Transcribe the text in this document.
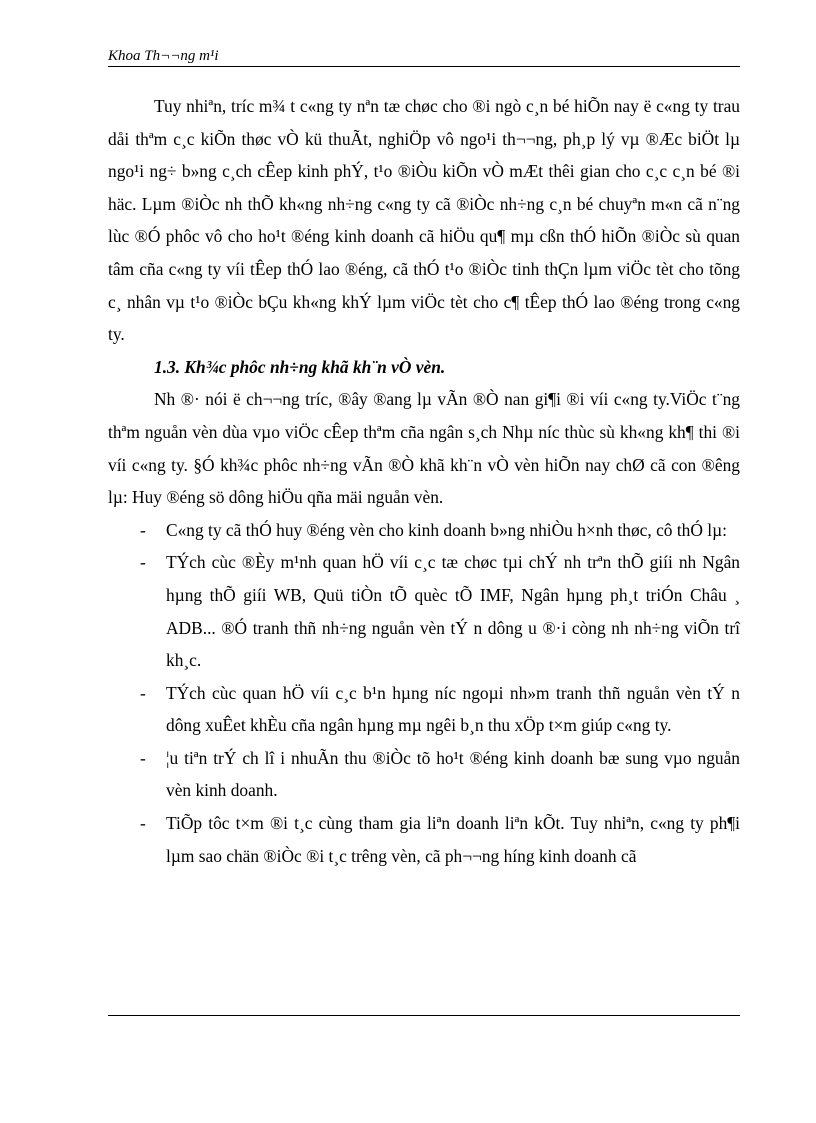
Khoa Th¬¬ng m¹i

Tuy nhiªn, tríc m¾ t c«ng ty nªn tæ chøc cho ®i ngò c¸n bé hiÕn nay ë c«ng ty trau dåi thªm c¸c kiÕn thøc vÒ kü thuÃt, nghiÖp vô ngo¹i th¬¬ng, ph¸p lý vµ ®Æc biÖt lµ ngo¹i ng÷ b»ng c¸ch cÊep kinh phÝ, t¹o ®iÒu kiÕn vÒ mÆt thêi gian cho c¸c c¸n bé ®i häc. Lµm ®iÒc nh thÕ kh«ng nh÷ng c«ng ty cã ®iÒc nh÷ng c¸n bé chuyªn m«n cã n¨ng lùc ®Ó phôc vô cho ho¹t ®éng kinh doanh cã hiÖu qu¶ mµ cßn thÓ hiÕn ®iÒc sù quan tâm cña c«ng ty víi tÊep thÓ lao ®éng, cã thÓ t¹o ®iÒc tinh thÇn lµm viÖc tèt cho tõng c¸ nhân vµ t¹o ®iÒc bÇu kh«ng khÝ lµm viÖc tèt cho c¶ tÊep thÓ lao ®éng trong c«ng ty.

1.3. Kh¾c phôc nh÷ng khã kh¨n vÒ vèn.

Nh ®· nói ë ch¬¬ng tríc, ®ây ®ang lµ vÃn ®Ò nan gi¶i ®i víi c«ng ty.ViÖc t¨ng thªm nguån vèn dùa vµo viÖc cÊep thªm cña ngân s¸ch Nhµ níc thùc sù kh«ng kh¶ thi ®i víi c«ng ty. §Ó kh¾c phôc nh÷ng vÃn ®Ò khã kh¨n vÒ vèn hiÕn nay chØ cã con ®êng lµ: Huy ®éng sö dông hiÖu qña mäi nguån vèn.

- C«ng ty cã thÓ huy ®éng vèn cho kinh doanh b»ng nhiÒu h×nh thøc, cô thÓ lµ:
- TÝch cùc ®Èy m¹nh quan hÖ víi c¸c tæ chøc tµi chÝ nh trªn thÕ giíi nh Ngân hµng thÕ giíi WB, Quü tiÒn tÕ quèc tÕ IMF, Ngân hµng ph¸t triÓn Châu ¸ ADB... ®Ó tranh thñ nh÷ng nguån vèn tÝ n dông u ®·i còng nh nh÷ng viÕn trî kh¸c.
- TÝch cùc quan hÖ víi c¸c b¹n hµng níc ngoµi nh»m tranh thñ nguån vèn tÝ n dông xuÊet khÈu cña ngân hµng mµ ngêi b¸n thu xÖp t×m giúp c«ng ty.
- ¦u tiªn trÝ ch lî i nhuÃn thu ®iÒc tõ ho¹t ®éng kinh doanh bæ sung vµo nguån vèn kinh doanh.
- TiÕp tôc t×m ®i t¸c cùng tham gia liªn doanh liªn kÕt. Tuy nhiªn, c«ng ty ph¶i lµm sao chän ®iÒc ®i t¸c trêng vèn, cã ph¬¬ng híng kinh doanh cã
